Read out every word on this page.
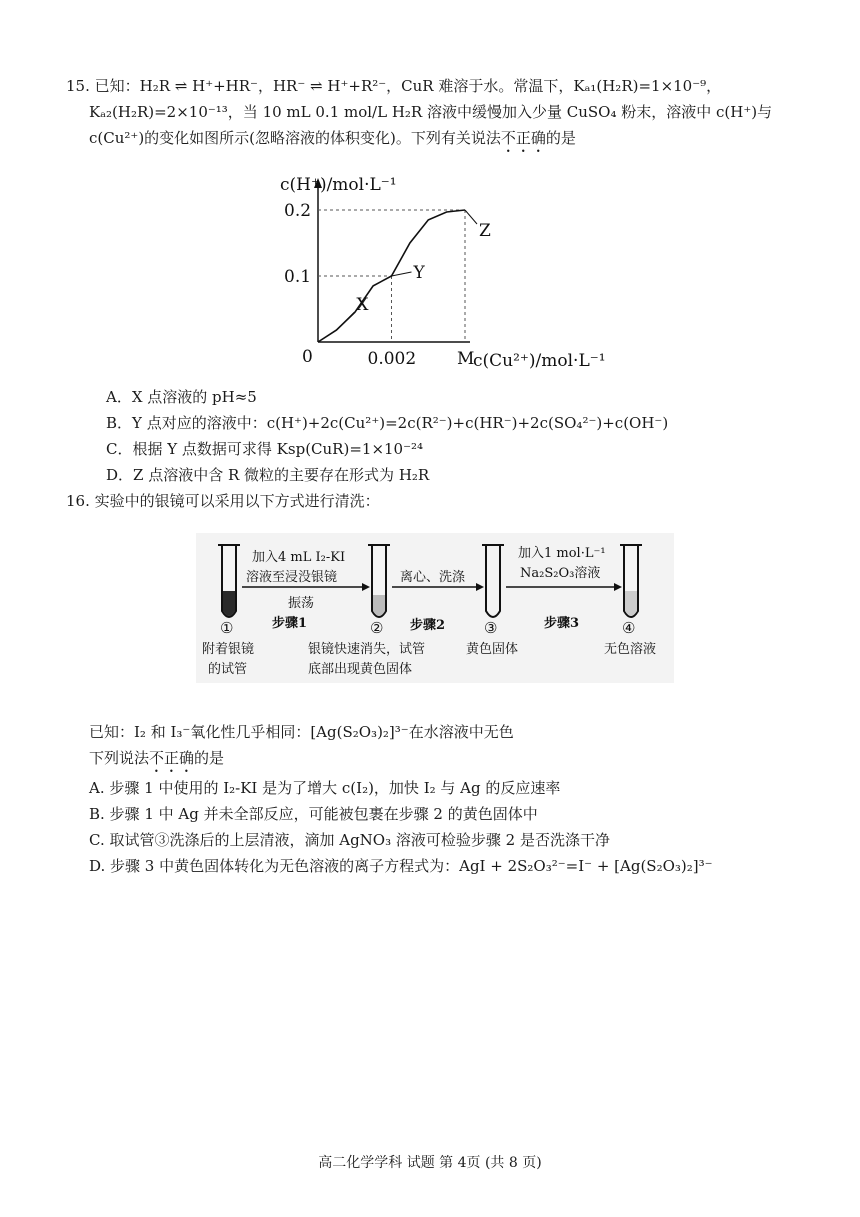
15. 已知：H₂R ⇌ H⁺+HR⁻，HR⁻ ⇌ H⁺+R²⁻，CuR 难溶于水。常温下，Kₐ₁(H₂R)=1×10⁻⁹，
Kₐ₂(H₂R)=2×10⁻¹³，当 10 mL 0.1 mol/L H₂R 溶液中缓慢加入少量 CuSO₄ 粉末，溶液中 c(H⁺)与
c(Cu²⁺)的变化如图所示(忽略溶液的体积变化)。下列有关说法不正确的是
c(H⁺)/mol·L⁻¹
0.2
0.1
0	0.002 M
c(Cu²⁺)/mol·L⁻¹
X
Y
Z
A．X 点溶液的 pH≈5
B．Y 点对应的溶液中：c(H⁺)+2c(Cu²⁺)=2c(R²⁻)+c(HR⁻)+2c(SO₄²⁻)+c(OH⁻)
C．根据 Y 点数据可求得 Ksp(CuR)=1×10⁻²⁴
D．Z 点溶液中含 R 微粒的主要存在形式为 H₂R
16. 实验中的银镜可以采用以下方式进行清洗：
加入4 mL I₂-KI
溶液至浸没银镜
振荡
步骤1
离心、洗涤
步骤2
加入1 mol·L⁻¹
Na₂S₂O₃溶液
步骤3
①
附着银镜
的试管
②
银镜快速消失，试管
底部出现黄色固体
③
黄色固体
④
无色溶液
已知：I₂ 和 I₃⁻氧化性几乎相同：[Ag(S₂O₃)₂]³⁻在水溶液中无色
下列说法不正确的是
A. 步骤 1 中使用的 I₂-KI 是为了增大 c(I₂)，加快 I₂ 与 Ag 的反应速率
B. 步骤 1 中 Ag 并未全部反应，可能被包裹在步骤 2 的黄色固体中
C. 取试管③洗涤后的上层清液，滴加 AgNO₃ 溶液可检验步骤 2 是否洗涤干净
D. 步骤 3 中黄色固体转化为无色溶液的离子方程式为：AgI + 2S₂O₃²⁻=I⁻ + [Ag(S₂O₃)₂]³⁻
高二化学学科 试题 第 4页 (共 8 页)
